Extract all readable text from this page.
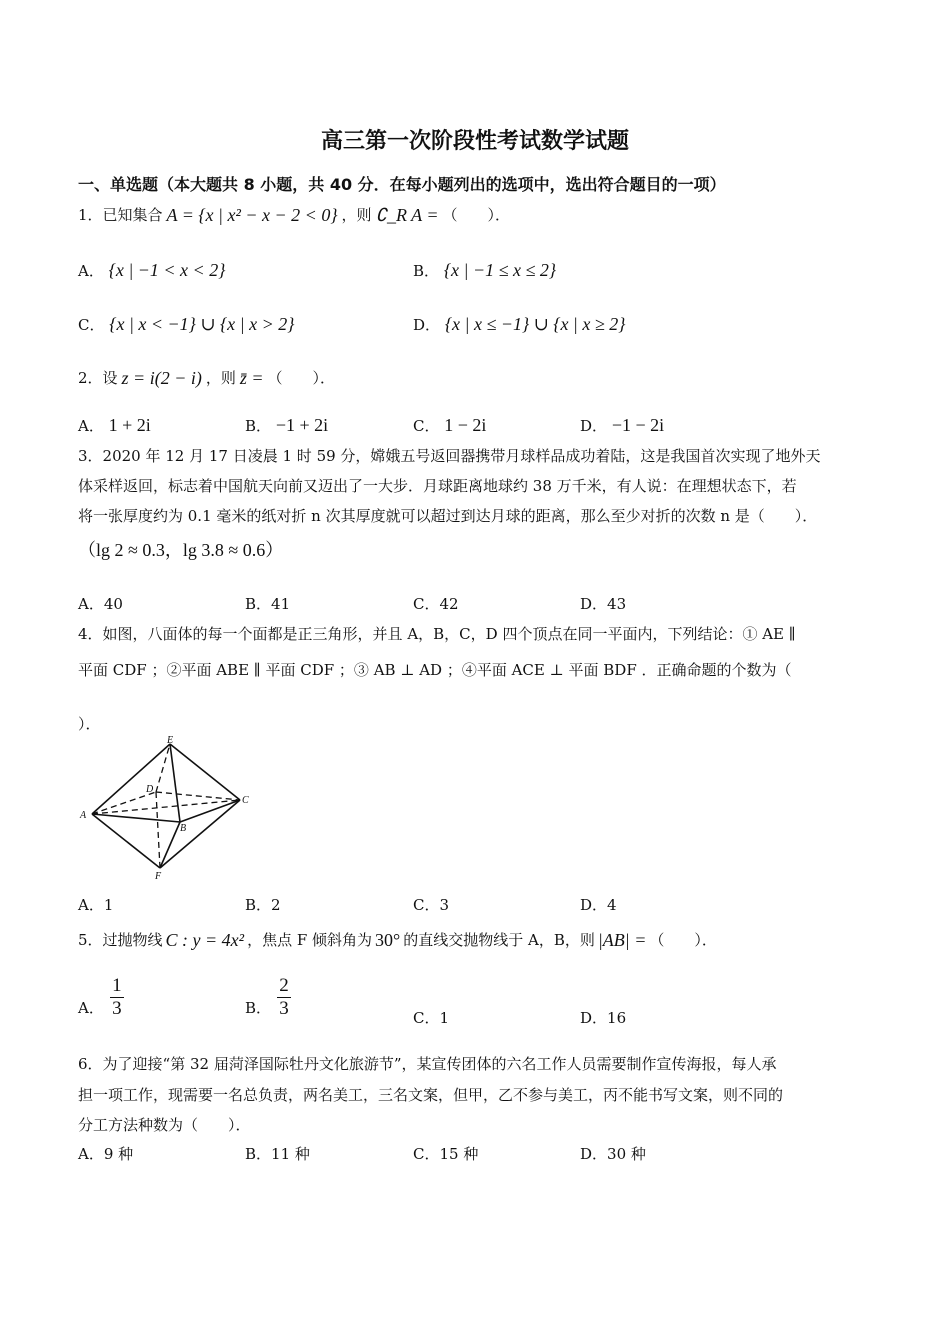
高三第一次阶段性考试数学试题
一、单选题（本大题共 8 小题，共 40 分．在每小题列出的选项中，选出符合题目的一项）
1．已知集合 A = {x | x² − x − 2 < 0} ，则 ∁_R A = （　　）．
A． {x | −1 < x < 2}	B． {x | −1 ≤ x ≤ 2}
C． {x | x < −1} ∪ {x | x > 2}	D． {x | x ≤ −1} ∪ {x | x ≥ 2}
2．设 z = i(2 − i) ，则 z̄ = （　　）．
A． 1 + 2i	B． −1 + 2i	C． 1 − 2i	D． −1 − 2i
3．2020 年 12 月 17 日凌晨 1 时 59 分，嫦娥五号返回器携带月球样品成功着陆，这是我国首次实现了地外天
体采样返回，标志着中国航天向前又迈出了一大步．月球距离地球约 38 万千米，有人说：在理想状态下，若
将一张厚度约为 0.1 毫米的纸对折 n 次其厚度就可以超过到达月球的距离，那么至少对折的次数 n 是（　　）．
（lg 2 ≈ 0.3，lg 3.8 ≈ 0.6）
A．40	B．41	C．42	D．43
4．如图，八面体的每一个面都是正三角形，并且 A，B，C，D 四个顶点在同一平面内，下列结论：① AE ∥
平面 CDF ；②平面 ABE ∥ 平面 CDF ；③ AB ⊥ AD ；④平面 ACE ⊥ 平面 BDF ．正确命题的个数为（
）．
E
D
C
A
B
F
A．1	B．2	C．3	D．4
5．过抛物线 C : y = 4x² ，焦点 F 倾斜角为 30° 的直线交抛物线于 A，B，则 |AB| = （　　）．
A． $\frac{1}{3}$	B． $\frac{2}{3}$	C．1	D．16
6．为了迎接“第 32 届菏泽国际牡丹文化旅游节”，某宣传团体的六名工作人员需要制作宣传海报，每人承
担一项工作，现需要一名总负责，两名美工，三名文案，但甲，乙不参与美工，丙不能书写文案，则不同的
分工方法种数为（　　）．
A．9 种	B．11 种	C．15 种	D．30 种
